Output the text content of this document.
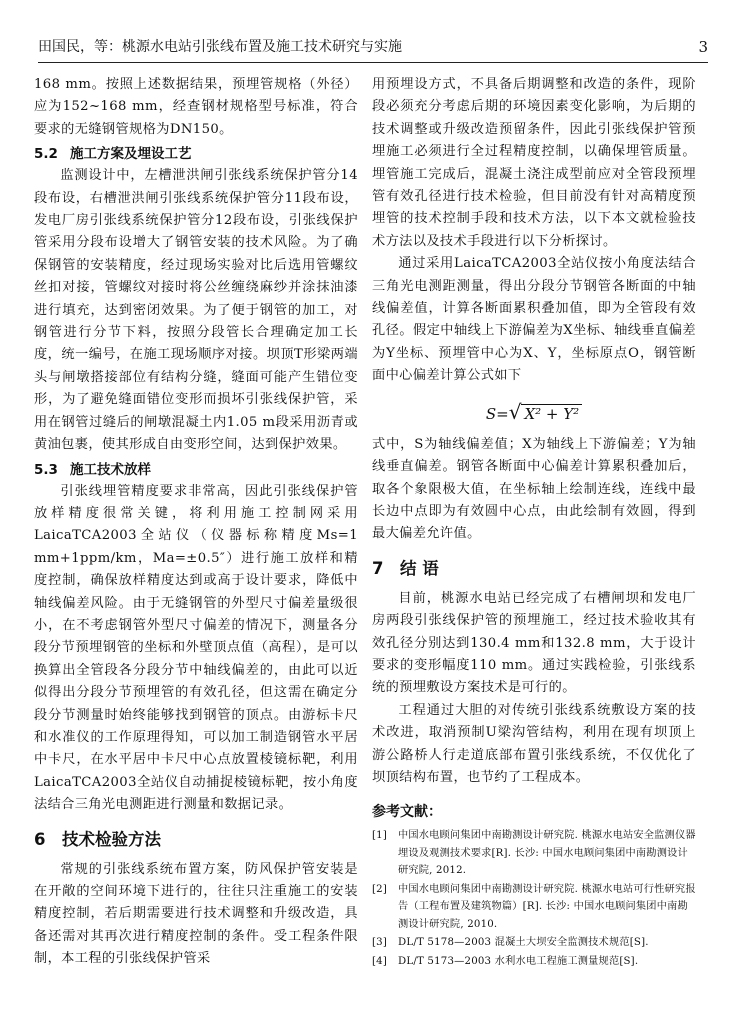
田国民，等：桃源水电站引张线布置及施工技术研究与实施	3

168 mm。按照上述数据结果，预埋管规格（外径）应为152~168 mm，经查钢材规格型号标准，符合要求的无缝钢管规格为DN150。

5.2 施工方案及埋设工艺

监测设计中，左槽泄洪闸引张线系统保护管分14段布设，右槽泄洪闸引张线系统保护管分11段布设，发电厂房引张线系统保护管分12段布设，引张线保护管采用分段布设增大了钢管安装的技术风险。为了确保钢管的安装精度，经过现场实验对比后选用管螺纹丝扣对接，管螺纹对接时将公丝缠绕麻纱并涂抹油漆进行填充，达到密闭效果。为了便于钢管的加工，对钢管进行分节下料，按照分段管长合理确定加工长度，统一编号，在施工现场顺序对接。坝顶T形梁两端头与闸墩搭接部位有结构分缝，缝面可能产生错位变形，为了避免缝面错位变形而损坏引张线保护管，采用在钢管过缝后的闸墩混凝土内1.05 m段采用沥青或黄油包裹，使其形成自由变形空间，达到保护效果。

5.3 施工技术放样

引张线埋管精度要求非常高，因此引张线保护管放样精度很常关键，将利用施工控制网采用LaicaTCA2003全站仪（仪器标称精度Ms=1 mm+1ppm/km，Ma=±0.5″）进行施工放样和精度控制，确保放样精度达到或高于设计要求，降低中轴线偏差风险。由于无缝钢管的外型尺寸偏差量级很小，在不考虑钢管外型尺寸偏差的情况下，测量各分段分节预埋钢管的坐标和外壁顶点值（高程），是可以换算出全管段各分段分节中轴线偏差的，由此可以近似得出分段分节预埋管的有效孔径，但这需在确定分段分节测量时始终能够找到钢管的顶点。由游标卡尺和水准仪的工作原理得知，可以加工制造钢管水平居中卡尺，在水平居中卡尺中心点放置棱镜标靶，利用LaicaTCA2003全站仪自动捕捉棱镜标靶，按小角度法结合三角光电测距进行测量和数据记录。

6 技术检验方法

常规的引张线系统布置方案，防风保护管安装是在开敞的空间环境下进行的，往往只注重施工的安装精度控制，若后期需要进行技术调整和升级改造，具备还需对其再次进行精度控制的条件。受工程条件限制，本工程的引张线保护管采

用预埋设方式，不具备后期调整和改造的条件，现阶段必须充分考虑后期的环境因素变化影响，为后期的技术调整或升级改造预留条件，因此引张线保护管预埋施工必须进行全过程精度控制，以确保埋管质量。埋管施工完成后，混凝土浇注成型前应对全管段预埋管有效孔径进行技术检验，但目前没有针对高精度预埋管的技术控制手段和技术方法，以下本文就检验技术方法以及技术手段进行以下分析探讨。

通过采用LaicaTCA2003全站仪按小角度法结合三角光电测距测量，得出分段分节钢管各断面的中轴线偏差值，计算各断面累积叠加值，即为全管段有效孔径。假定中轴线上下游偏差为X坐标、轴线垂直偏差为Y坐标、预埋管中心为X、Y，坐标原点O，钢管断面中心偏差计算公式如下

S=√ X² + Y²

式中，S为轴线偏差值；X为轴线上下游偏差；Y为轴线垂直偏差。钢管各断面中心偏差计算累积叠加后，取各个象限极大值，在坐标轴上绘制连线，连线中最长边中点即为有效圆中心点，由此绘制有效圆，得到最大偏差允许值。

7 结 语

目前，桃源水电站已经完成了右槽闸坝和发电厂房两段引张线保护管的预埋施工，经过技术验收其有效孔径分别达到130.4 mm和132.8 mm，大于设计要求的变形幅度110 mm。通过实践检验，引张线系统的预埋敷设方案技术是可行的。

工程通过大胆的对传统引张线系统敷设方案的技术改进，取消预制U梁沟管结构，利用在现有坝顶上游公路桥人行走道底部布置引张线系统，不仅优化了坝顶结构布置，也节约了工程成本。

参考文献：
[1] 中国水电顾问集团中南勘测设计研究院. 桃源水电站安全监测仪器埋设及观测技术要求[R]. 长沙: 中国水电顾问集团中南勘测设计研究院, 2012.
[2] 中国水电顾问集团中南勘测设计研究院. 桃源水电站可行性研究报告（工程布置及建筑物篇）[R]. 长沙: 中国水电顾问集团中南勘测设计研究院, 2010.
[3] DL/T 5178—2003 混凝土大坝安全监测技术规范[S].
[4] DL/T 5173—2003 水利水电工程施工测量规范[S].
